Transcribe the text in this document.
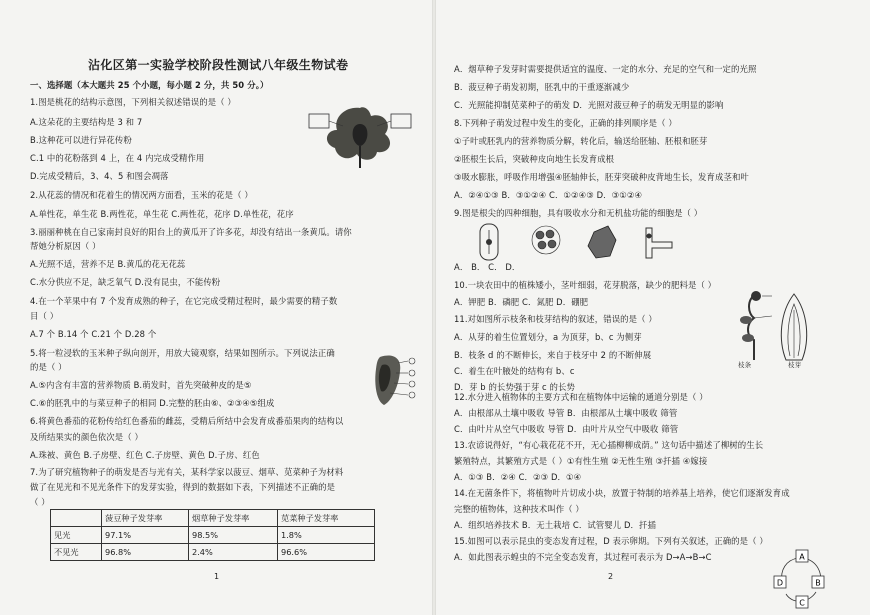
沾化区第一实验学校阶段性测试八年级生物试卷
一、选择题（本大题共 25 个小题，每小题 2 分，共 50 分。）
1.图是桃花的结构示意图，下列相关叙述错误的是（ ）
A.这朵花的主要结构是 3 和 7
B.这种花可以进行异花传粉
C.1 中的花粉落到 4 上，在 4 内完成受精作用
D.完成受精后，3、4、5 和图会凋落
2.从花蕊的情况和花着生的情况两方面看，玉米的花是（ ）
A.单性花，单生花 B.两性花，单生花 C.两性花，花序 D.单性花，花序
3.丽丽种桃在自己家南封良好的阳台上的黄瓜开了许多花，却没有结出一条黄瓜。请你
帮她分析原因（ ）
A.光照不适，营养不足 B.黄瓜的花无花蕊
C.水分供应不足，缺乏氧气 D.没有昆虫，不能传粉
4.在一个苹果中有 7 个发育成熟的种子，在它完成受精过程时，最少需要的精子数
目（ ）
A.7 个 B.14 个 C.21 个 D.28 个
5.将一粒浸软的玉米种子纵向剖开，用放大镜观察，结果如图所示。下列说法正确
的是（ ）
A.⑤内含有丰富的营养物质 B.萌发时，首先突破种皮的是⑤
C.⑥的胚乳中的与菜豆种子的相同 D.完整的胚由⑥、②③④⑤组成
6.将黄色番茄的花粉传给红色番茄的雌蕊，受精后所结中会发育成番茄果肉的结构以
及所结果实的颜色依次是（ ）
A.珠被、黄色 B.子房壁、红色 C.子房壁、黄色 D.子房、红色
7.为了研究植物种子的萌发是否与光有关，某科学家以菠豆、烟草、苋菜种子为材料
做了在见光和不见光条件下的发芽实验，得到的数据如下表，下列描述不正确的是
（ ）
	菠豆种子发芽率	烟草种子发芽率	苋菜种子发芽率
见光	97.1%	98.5%	1.8%
不见光	96.8%	2.4%	96.6%
1
A．烟草种子发芽时需要提供适宜的温度、一定的水分、充足的空气和一定的光照
B．菠豆种子萌发初期，胚乳中的干重逐渐减少
C．光照能抑制苋菜种子的萌发 D．光照对菠豆种子的萌发无明显的影响
8.下列种子萌发过程中发生的变化，正确的排列顺序是（ ）
①子叶或胚乳内的营养物质分解，转化后，输送给胚轴、胚根和胚芽
②胚根生长后，突破种皮向地生长发育成根
③吸水膨胀，呼吸作用增强④胚轴伸长，胚芽突破种皮背地生长，发育成茎和叶
A．②④①③ B．③①②④ C．①②④③ D．③①②④
9.图是根尖的四种细胞，具有吸收水分和无机盐功能的细胞是（ ）
A． B． C． D．
10.一块农田中的植株矮小，茎叶细弱，花芽脱落，缺少的肥料是（ ）
A．钾肥 B．磷肥 C．氮肥 D．硼肥
11.对如图所示枝条和枝芽结构的叙述，错误的是（ ）
A．从芽的着生位置划分，a 为顶芽，b、c 为侧芽
B．枝条 d 的不断伸长，来自于枝牙中 2 的不断伸展
C．着生在叶腋处的结构有 b、c
D．芽 b 的长势强于芽 c 的长势
枝条	枝芽
12.水分进入植物体的主要方式和在植物体中运输的通道分别是（ ）
A．由根部从土壤中吸收 导管 B．由根部从土壤中吸收 筛管
C．由叶片从空气中吸收 导管 D．由叶片从空气中吸收 筛管
13.农谚说得好，“有心栽花花不开，无心插柳柳成荫。” 这句话中描述了柳树的生长
繁殖特点，其繁殖方式是（ ）①有性生殖 ②无性生殖 ③扦插 ④嫁接
A．①③ B．②④ C．②③ D．①④
14.在无菌条件下，将植物叶片切成小块，放置于特制的培养基上培养，使它们逐渐发育成
完整的植物体，这种技术叫作（ ）
A．组织培养技术 B．无土栽培 C．试管婴儿 D．扦插
15.如图可以表示昆虫的变态发育过程，D 表示卵期。下列有关叙述，正确的是（ ）
A．如此图表示蝗虫的不完全变态发育，其过程可表示为 D→A→B→C	A
B
C
D
2
